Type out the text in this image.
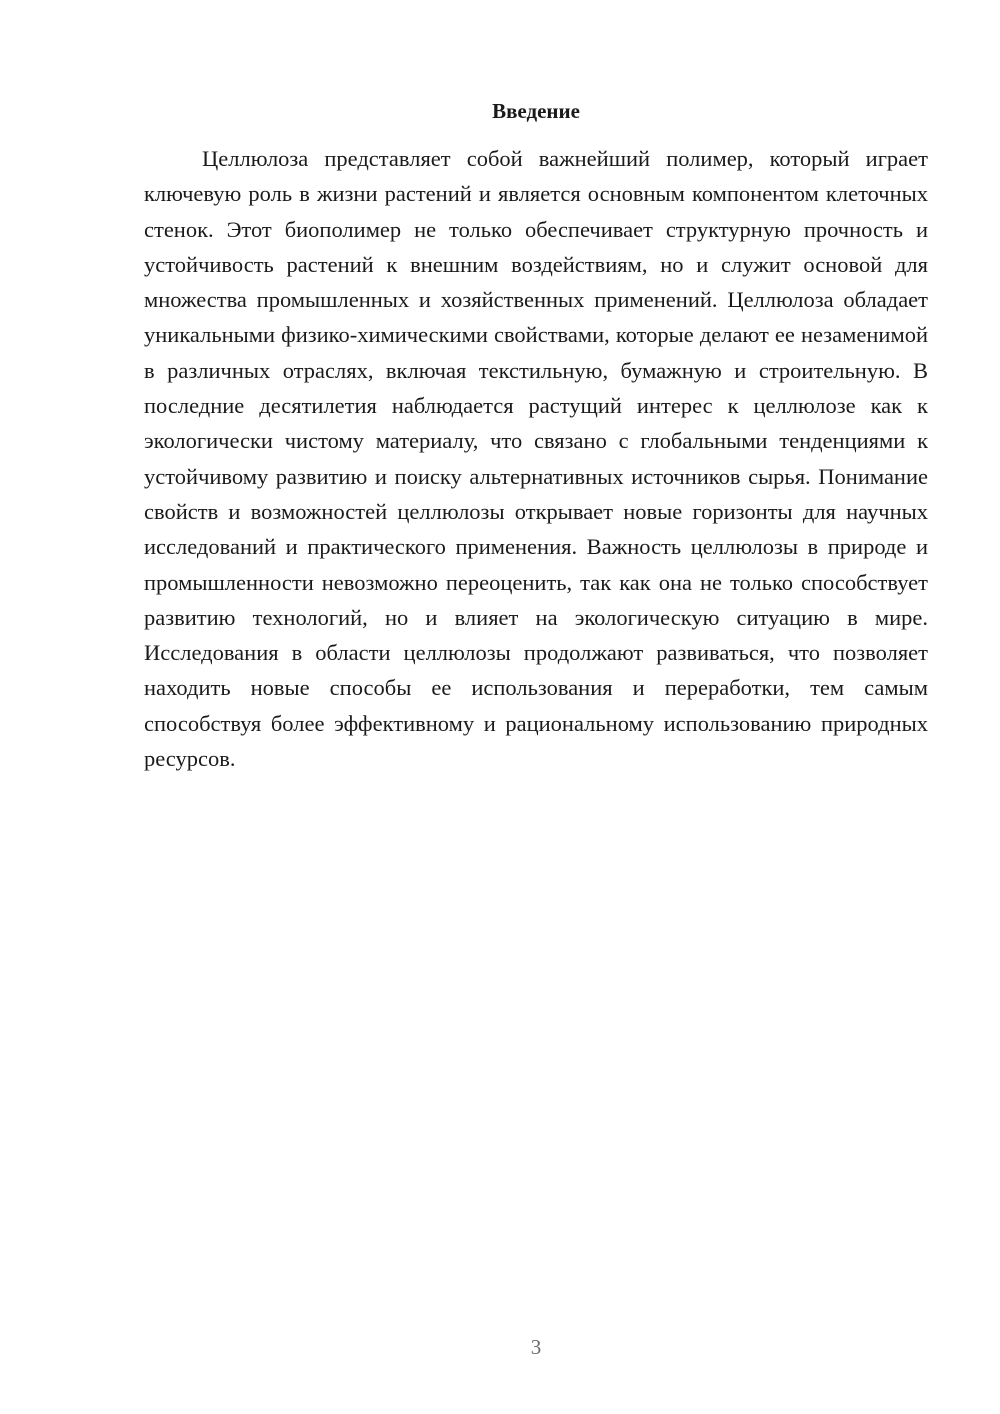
Введение

Целлюлоза представляет собой важнейший полимер, который играет ключевую роль в жизни растений и является основным компонентом клеточных стенок. Этот биополимер не только обеспечивает структурную прочность и устойчивость растений к внешним воздействиям, но и служит основой для множества промышленных и хозяйственных применений. Целлюлоза обладает уникальными физико-химическими свойствами, которые делают ее незаменимой в различных отраслях, включая текстильную, бумажную и строительную. В последние десятилетия наблюдается растущий интерес к целлюлозе как к экологически чистому материалу, что связано с глобальными тенденциями к устойчивому развитию и поиску альтернативных источников сырья. Понимание свойств и возможностей целлюлозы открывает новые горизонты для научных исследований и практического применения. Важность целлюлозы в природе и промышленности невозможно переоценить, так как она не только способствует развитию технологий, но и влияет на экологическую ситуацию в мире. Исследования в области целлюлозы продолжают развиваться, что позволяет находить новые способы ее использования и переработки, тем самым способствуя более эффективному и рациональному использованию природных ресурсов.

3
